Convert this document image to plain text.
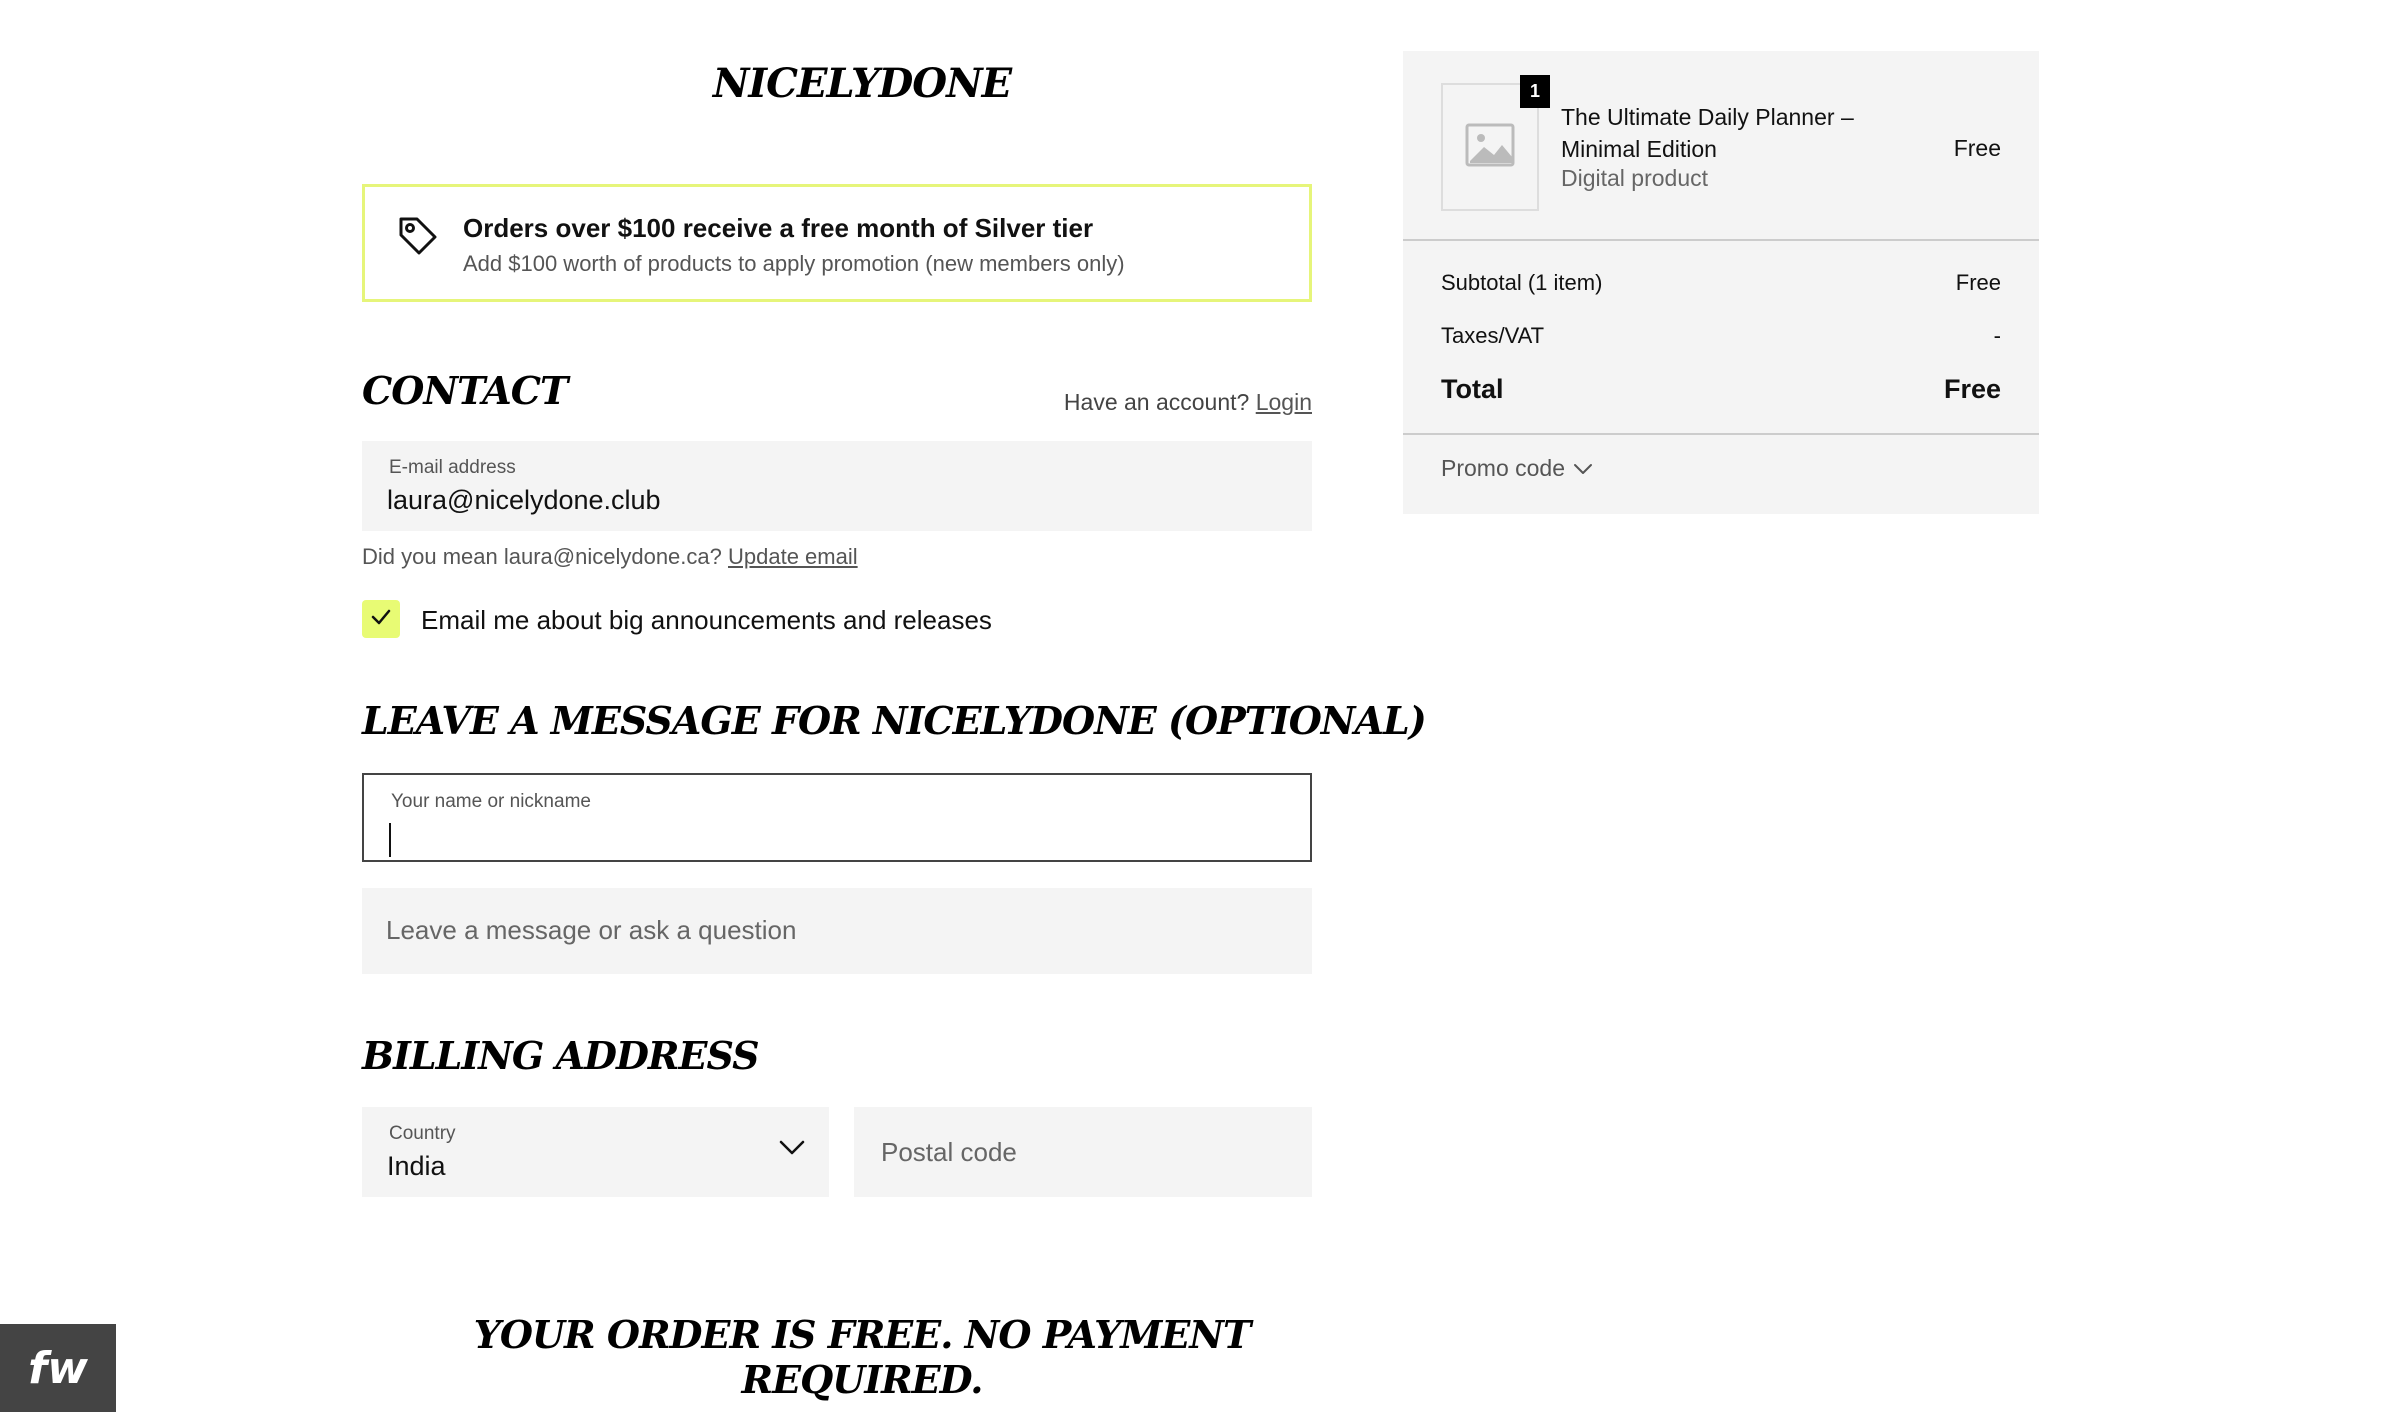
NICELYDONE
Orders over $100 receive a free month of Silver tier
Add $100 worth of products to apply promotion (new members only)
CONTACT	Have an account? Login
E-mail address
laura@nicelydone.club
Did you mean laura@nicelydone.ca? Update email
Email me about big announcements and releases
LEAVE A MESSAGE FOR NICELYDONE (OPTIONAL)
Your name or nickname
Leave a message or ask a question
BILLING ADDRESS
Country
India	Postal code
YOUR ORDER IS FREE. NO PAYMENT REQUIRED.
fw
1
The Ultimate Daily Planner – Minimal Edition
Digital product
Free
Subtotal (1 item)	Free
Taxes/VAT	-
Total	Free
Promo code
